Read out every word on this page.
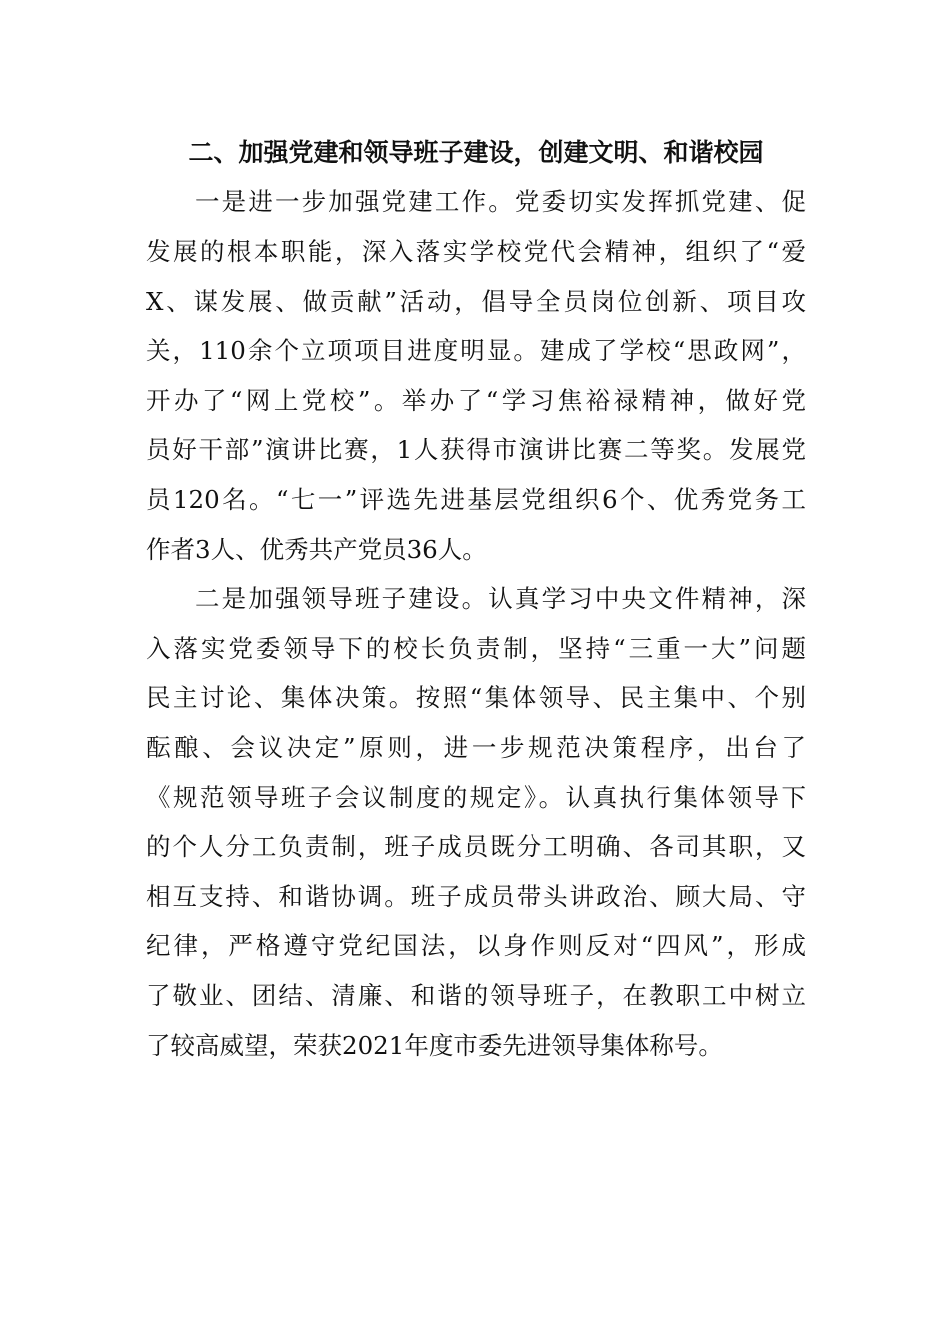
二、加强党建和领导班子建设，创建文明、和谐校园
一是进一步加强党建工作。党委切实发挥抓党建、促
发展的根本职能，深入落实学校党代会精神，组织了“爱
X、谋发展、做贡献”活动，倡导全员岗位创新、项目攻
关，110余个立项项目进度明显。建成了学校“思政网”，
开办了“网上党校”。举办了“学习焦裕禄精神，做好党
员好干部”演讲比赛，1人获得市演讲比赛二等奖。发展党
员120名。“七一”评选先进基层党组织6个、优秀党务工
作者3人、优秀共产党员36人。
二是加强领导班子建设。认真学习中央文件精神，深
入落实党委领导下的校长负责制，坚持“三重一大”问题
民主讨论、集体决策。按照“集体领导、民主集中、个别
酝酿、会议决定”原则，进一步规范决策程序，出台了
《规范领导班子会议制度的规定》。认真执行集体领导下
的个人分工负责制，班子成员既分工明确、各司其职，又
相互支持、和谐协调。班子成员带头讲政治、顾大局、守
纪律，严格遵守党纪国法，以身作则反对“四风”，形成
了敬业、团结、清廉、和谐的领导班子，在教职工中树立
了较高威望，荣获2021年度市委先进领导集体称号。
